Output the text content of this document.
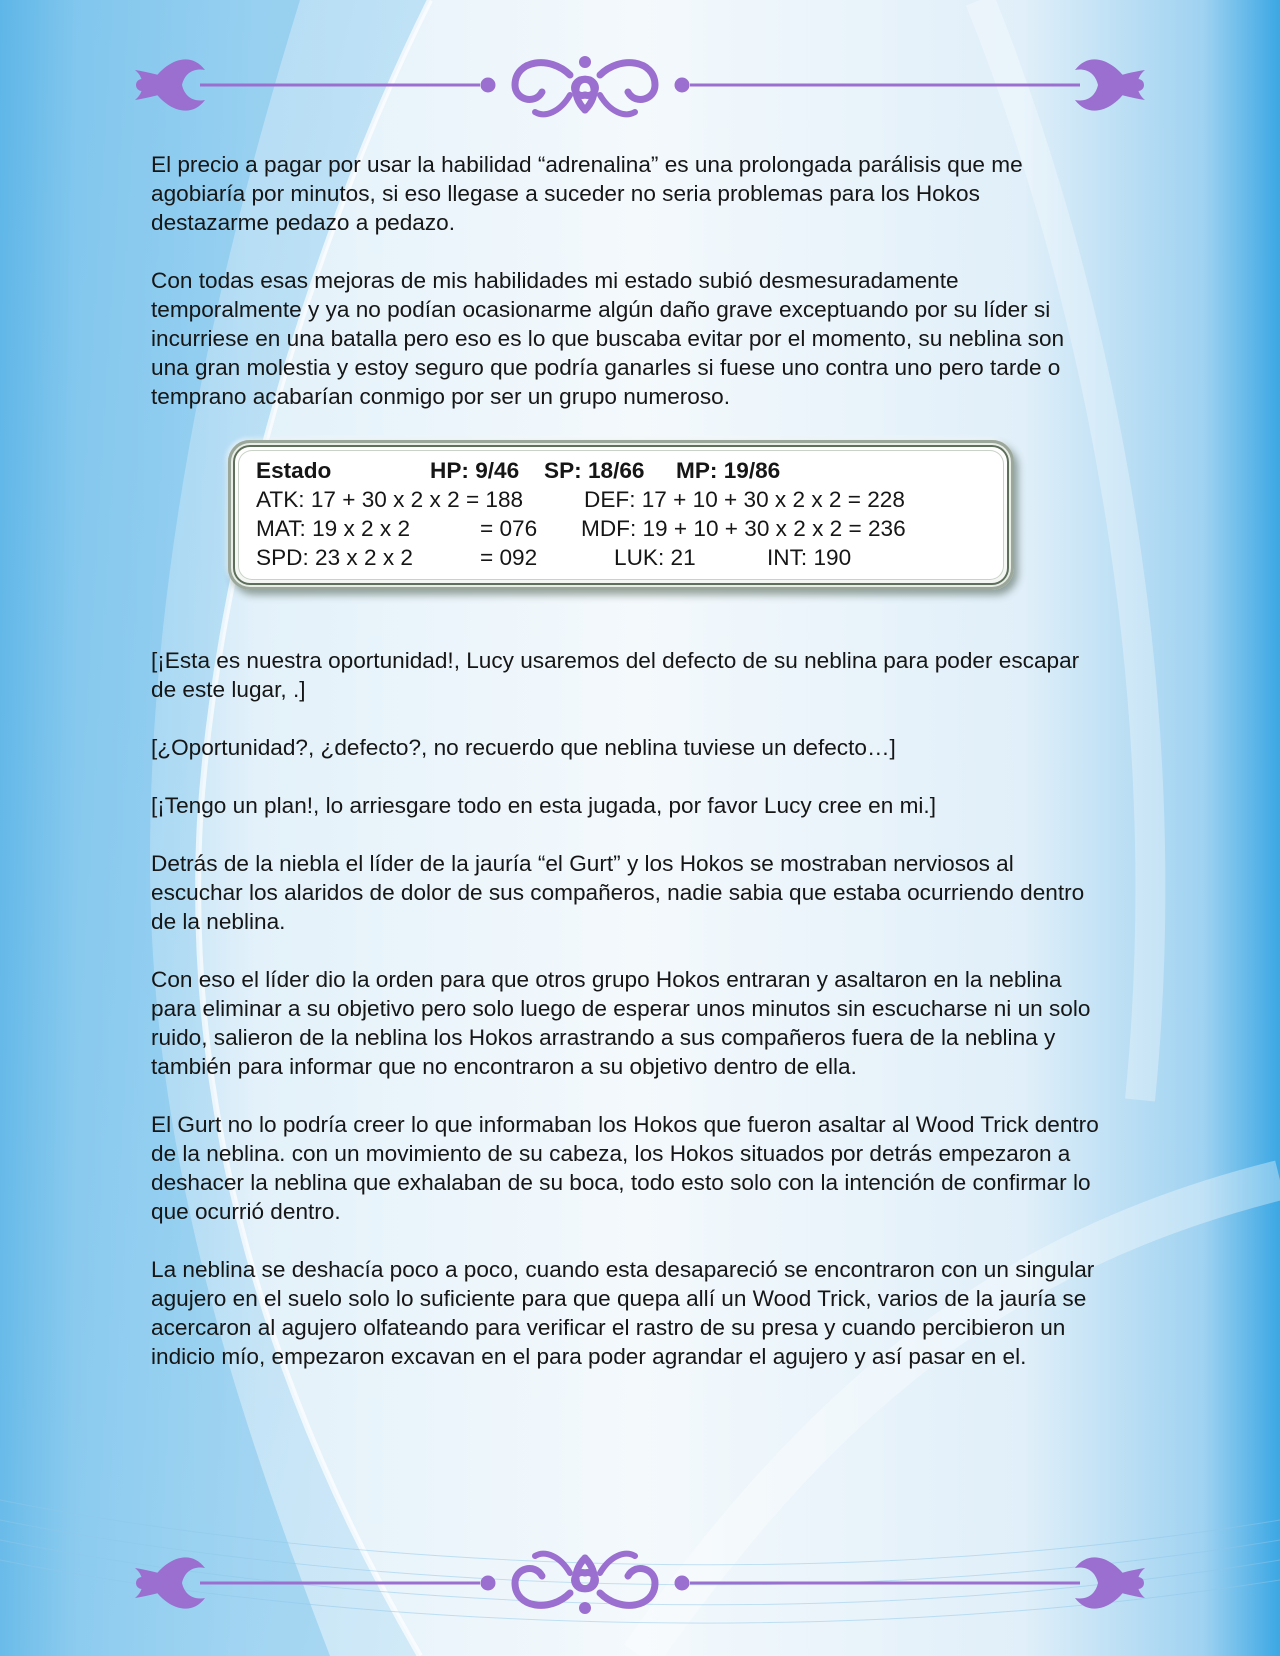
El precio a pagar por usar la habilidad “adrenalina” es una prolongada parálisis que me agobiaría por minutos, si eso llegase a suceder no seria problemas para los Hokos destazarme pedazo a pedazo.

Con todas esas mejoras de mis habilidades mi estado subió desmesuradamente temporalmente y ya no podían ocasionarme algún daño grave exceptuando por su líder si incurriese en una batalla pero eso es lo que buscaba evitar por el momento, su neblina son una gran molestia y estoy seguro que podría ganarles si fuese uno contra uno pero tarde o temprano acabarían conmigo por ser un grupo numeroso.

Estado	HP: 9/46 SP: 18/66 MP: 19/86
ATK: 17 + 30 x 2 x 2 = 188	DEF: 17 + 10 + 30 x 2 x 2 = 228
MAT: 19 x 2 x 2	= 076 MDF: 19 + 10 + 30 x 2 x 2 = 236
SPD: 23 x 2 x 2	= 092	LUK: 21	INT: 190

[¡Esta es nuestra oportunidad!, Lucy usaremos del defecto de su neblina para poder escapar de este lugar, .]

[¿Oportunidad?, ¿defecto?, no recuerdo que neblina tuviese un defecto…]

[¡Tengo un plan!, lo arriesgare todo en esta jugada, por favor Lucy cree en mi.]

Detrás de la niebla el líder de la jauría “el Gurt” y los Hokos se mostraban nerviosos al escuchar los alaridos de dolor de sus compañeros, nadie sabia que estaba ocurriendo dentro de la neblina.

Con eso el líder dio la orden para que otros grupo Hokos entraran y asaltaron en la neblina para eliminar a su objetivo pero solo luego de esperar unos minutos sin escucharse ni un solo ruido, salieron de la neblina los Hokos arrastrando a sus compañeros fuera de la neblina y también para informar que no encontraron a su objetivo dentro de ella.

El Gurt no lo podría creer lo que informaban los Hokos que fueron asaltar al Wood Trick dentro de la neblina. con un movimiento de su cabeza, los Hokos situados por detrás empezaron a deshacer la neblina que exhalaban de su boca, todo esto solo con la intención de confirmar lo que ocurrió dentro.

La neblina se deshacía poco a poco, cuando esta desapareció se encontraron con un singular agujero en el suelo solo lo suficiente para que quepa allí un Wood Trick, varios de la jauría se acercaron al agujero olfateando para verificar el rastro de su presa y cuando percibieron un indicio mío, empezaron excavan en el para poder agrandar el agujero y así pasar en el.
